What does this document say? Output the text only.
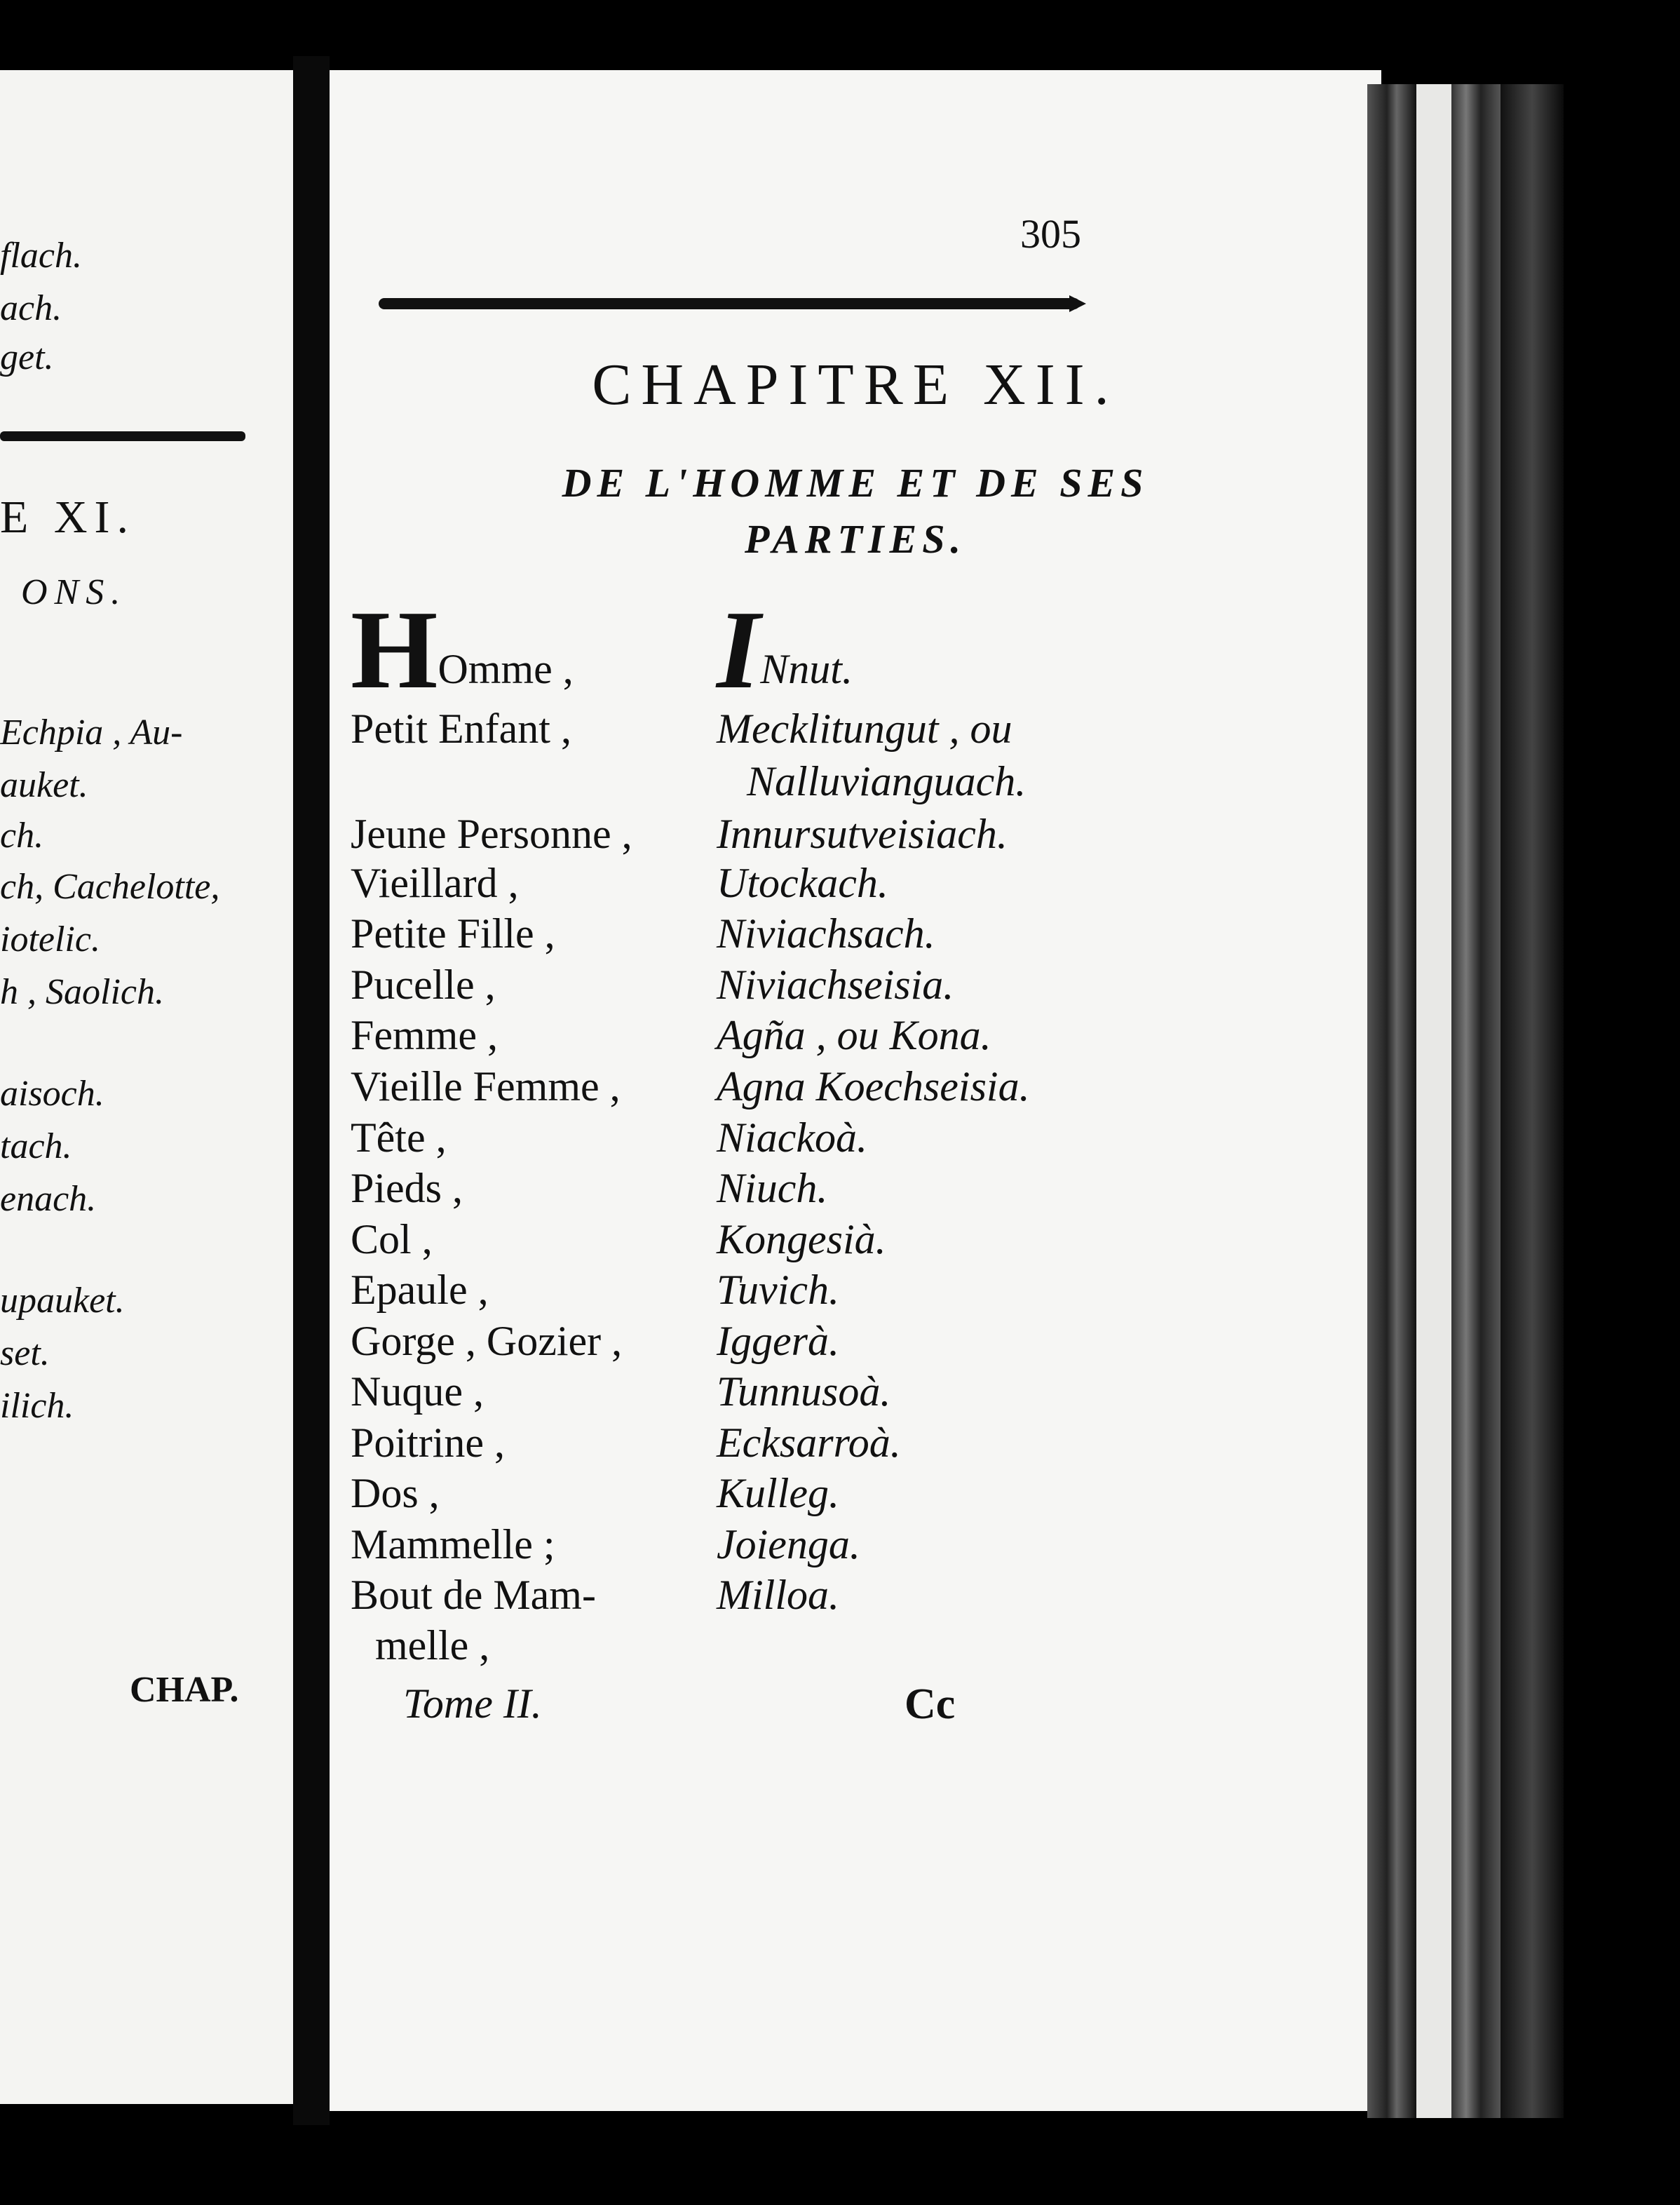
flach.
ach.
get.
E XI.
ONS.
Echpia , Au-
auket.
ch.
ch, Cachelotte,
iotelic.
h , Saolich.
aisoch.
tach.
enach.
upauket.
set.
ilich.
CHAP.
305
CHAPITRE XII.
DE L'HOMME ET DE SES
PARTIES.
HOmme , INnut.
Petit Enfant ,	Mecklitungut , ou
Nalluvianguach.
Jeune Personne , Innursutveisiach.
Vieillard ,	Utockach.
Petite Fille ,	Niviachsach.
Pucelle ,	Niviachseisia.
Femme ,	Agña , ou Kona.
Vieille Femme , Agna Koechseisia.
Tête ,	Niackoà.
Pieds ,	Niuch.
Col ,	Kongesià.
Epaule ,	Tuvich.
Gorge , Gozier , Iggerà.
Nuque ,	Tunnusoà.
Poitrine ,	Ecksarroà.
Dos ,	Kulleg.
Mammelle ;	Joienga.
Bout de Mam-	Milloa.
melle ,
Tome II.	Cc
